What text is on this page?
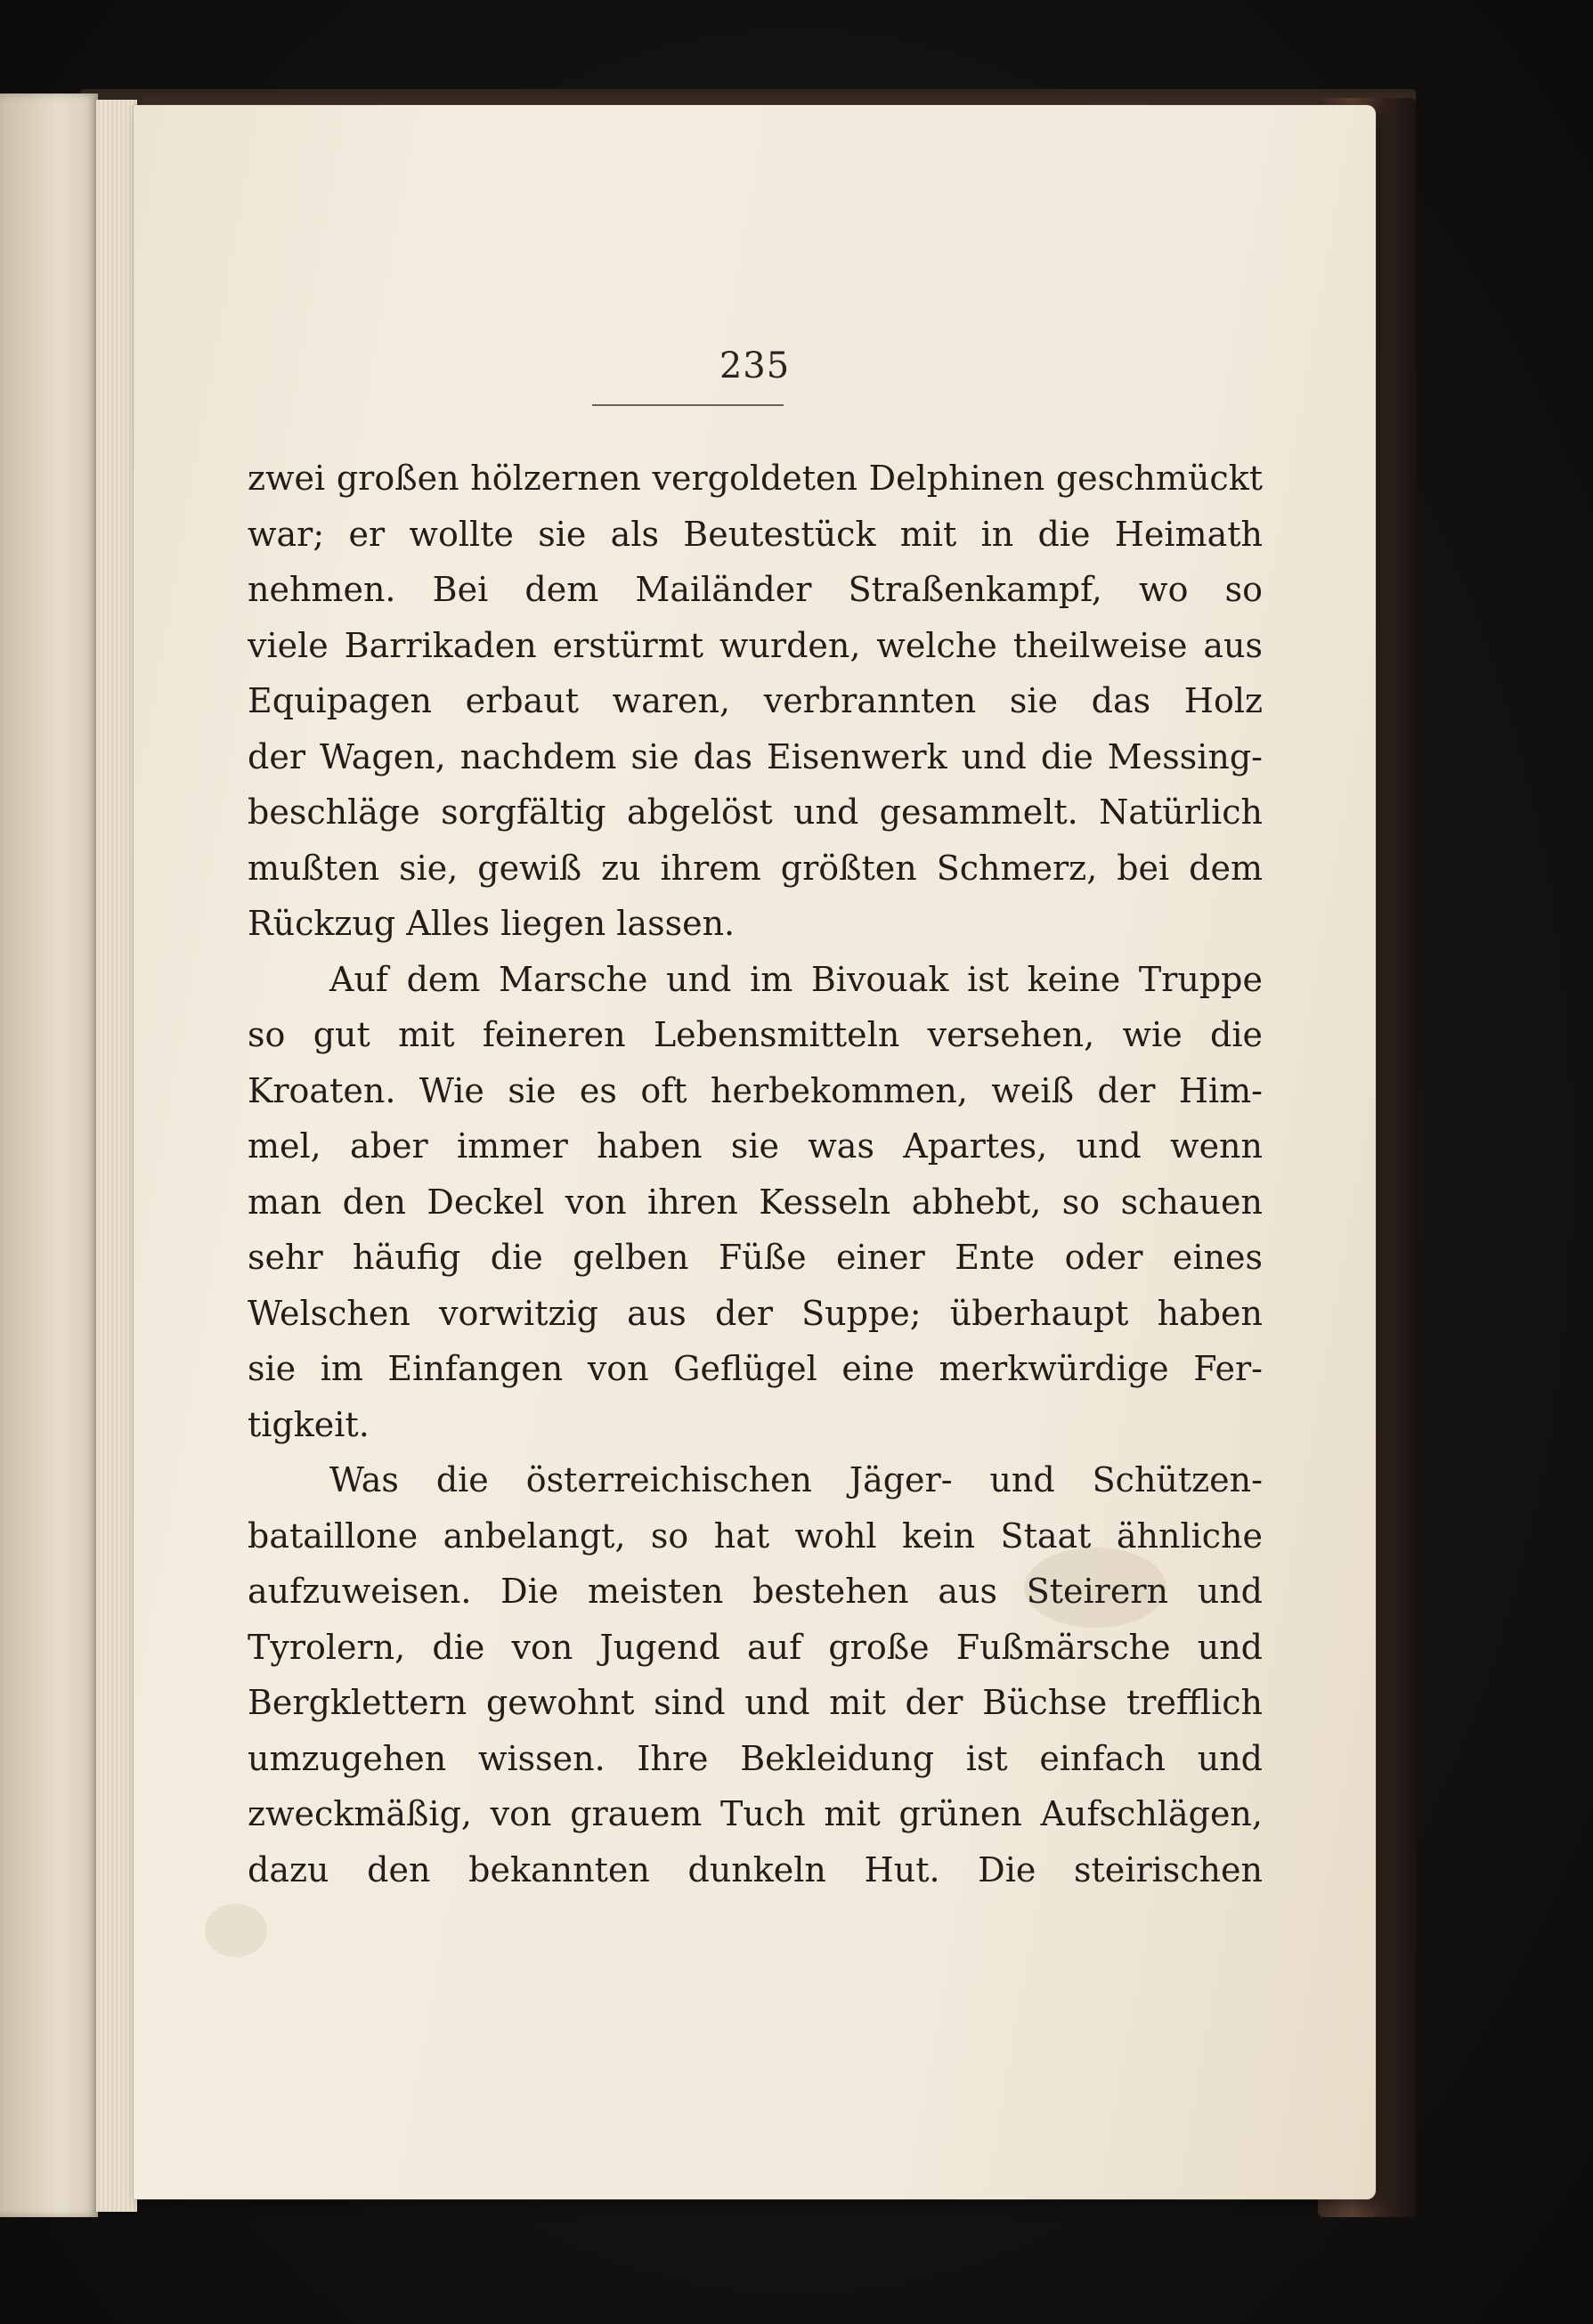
235
zwei großen hölzernen vergoldeten Delphinen geschmückt
war; er wollte sie als Beutestück mit in die Heimath
nehmen. Bei dem Mailänder Straßenkampf, wo so
viele Barrikaden erstürmt wurden, welche theilweise aus
Equipagen erbaut waren, verbrannten sie das Holz
der Wagen, nachdem sie das Eisenwerk und die Messing-
beschläge sorgfältig abgelöst und gesammelt. Natürlich
mußten sie, gewiß zu ihrem größten Schmerz, bei dem
Rückzug Alles liegen lassen.
Auf dem Marsche und im Bivouak ist keine Truppe
so gut mit feineren Lebensmitteln versehen, wie die
Kroaten. Wie sie es oft herbekommen, weiß der Him-
mel, aber immer haben sie was Apartes, und wenn
man den Deckel von ihren Kesseln abhebt, so schauen
sehr häufig die gelben Füße einer Ente oder eines
Welschen vorwitzig aus der Suppe; überhaupt haben
sie im Einfangen von Geflügel eine merkwürdige Fer-
tigkeit.
Was die österreichischen Jäger- und Schützen-
bataillone anbelangt, so hat wohl kein Staat ähnliche
aufzuweisen. Die meisten bestehen aus Steirern und
Tyrolern, die von Jugend auf große Fußmärsche und
Bergklettern gewohnt sind und mit der Büchse trefflich
umzugehen wissen. Ihre Bekleidung ist einfach und
zweckmäßig, von grauem Tuch mit grünen Aufschlägen,
dazu den bekannten dunkeln Hut. Die steirischen
